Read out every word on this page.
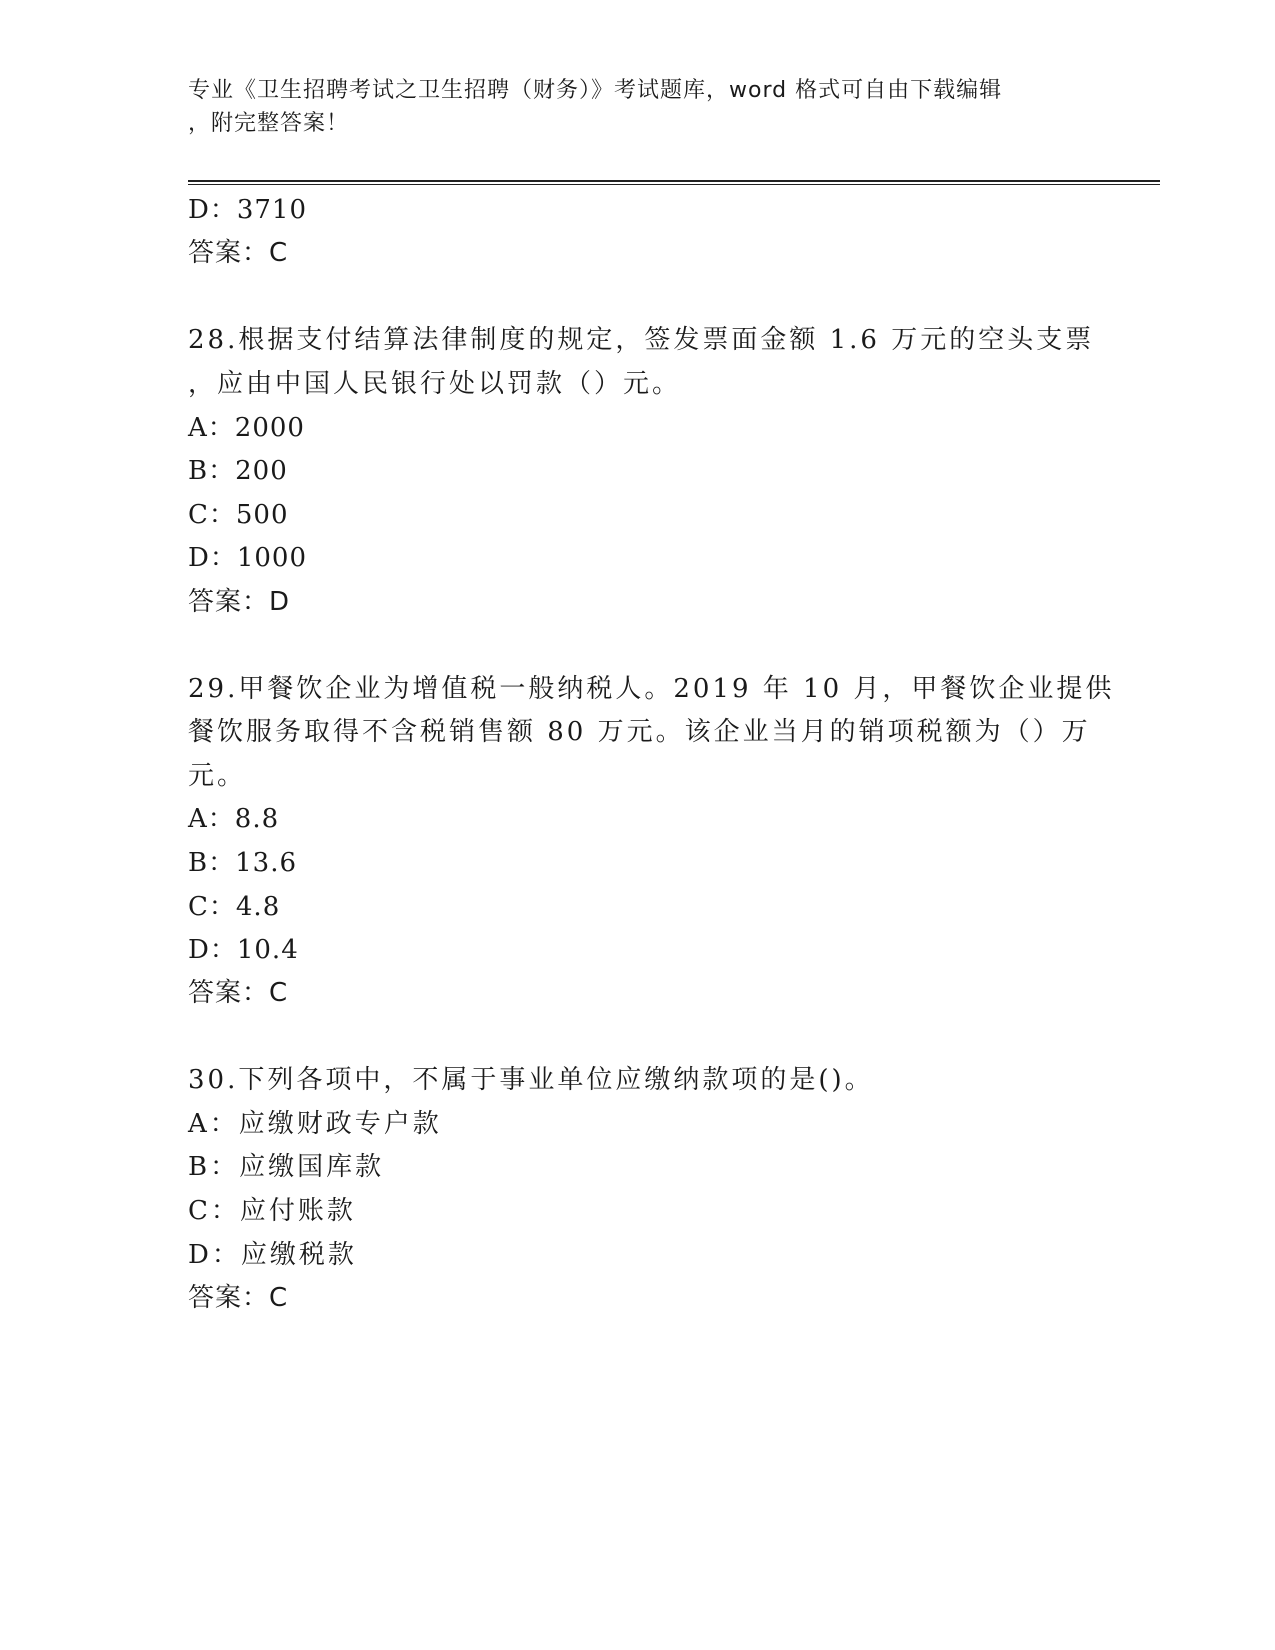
专业《卫生招聘考试之卫生招聘（财务）》考试题库，word 格式可自由下载编辑
，附完整答案！
D：3710
答案：C
28.根据支付结算法律制度的规定，签发票面金额 1.6 万元的空头支票
，应由中国人民银行处以罚款（）元。
A：2000
B：200
C：500
D：1000
答案：D
29.甲餐饮企业为增值税一般纳税人。2019 年 10 月，甲餐饮企业提供
餐饮服务取得不含税销售额 80 万元。该企业当月的销项税额为（）万
元。
A：8.8
B：13.6
C：4.8
D：10.4
答案：C
30.下列各项中，不属于事业单位应缴纳款项的是()。
A：应缴财政专户款
B：应缴国库款
C：应付账款
D：应缴税款
答案：C
